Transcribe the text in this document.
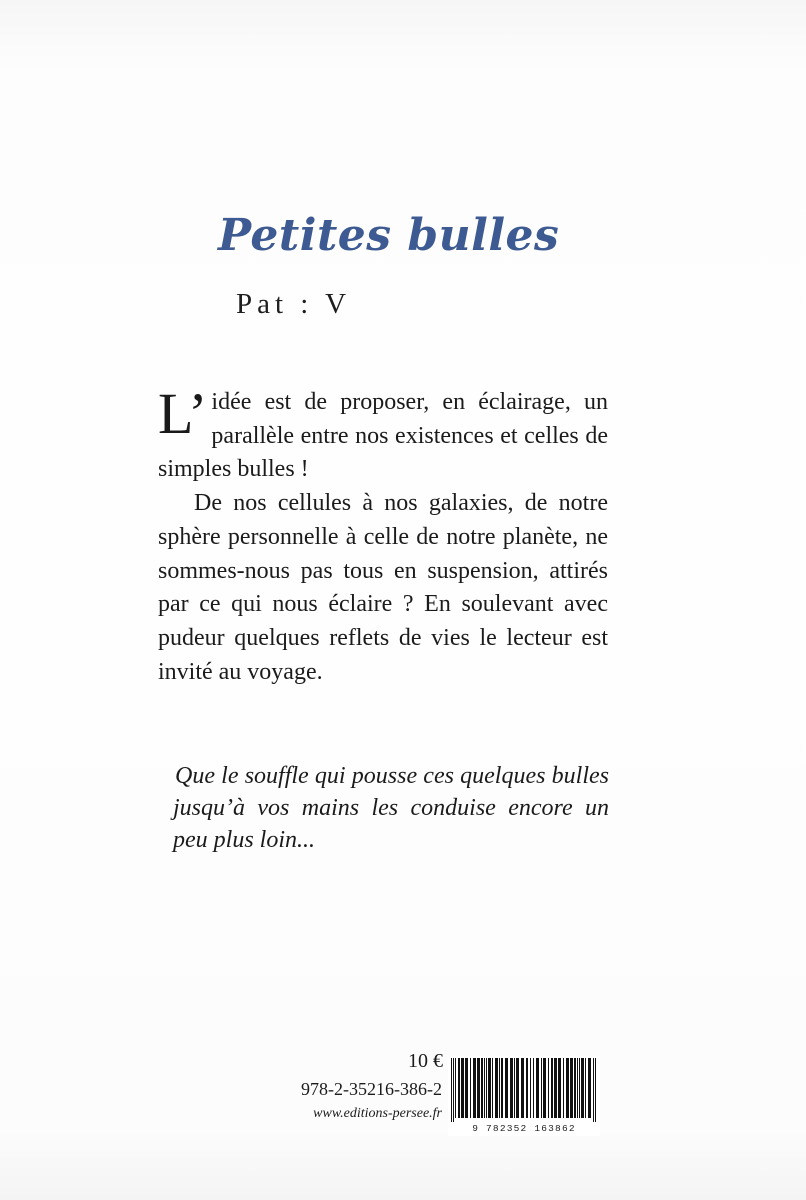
Petites bulles
Pat : V

L’ idée est de proposer, en éclairage, un parallèle entre nos existences et celles de simples bulles !

De nos cellules à nos galaxies, de notre sphère personnelle à celle de notre planète, ne sommes-nous pas tous en suspension, attirés par ce qui nous éclaire ? En soulevant avec pudeur quelques reflets de vies le lecteur est invité au voyage.

Que le souffle qui pousse ces quelques bulles jusqu’à vos mains les conduise encore un peu plus loin...
10 €
978-2-35216-386-2
www.editions-persee.fr
9 782352 163862
